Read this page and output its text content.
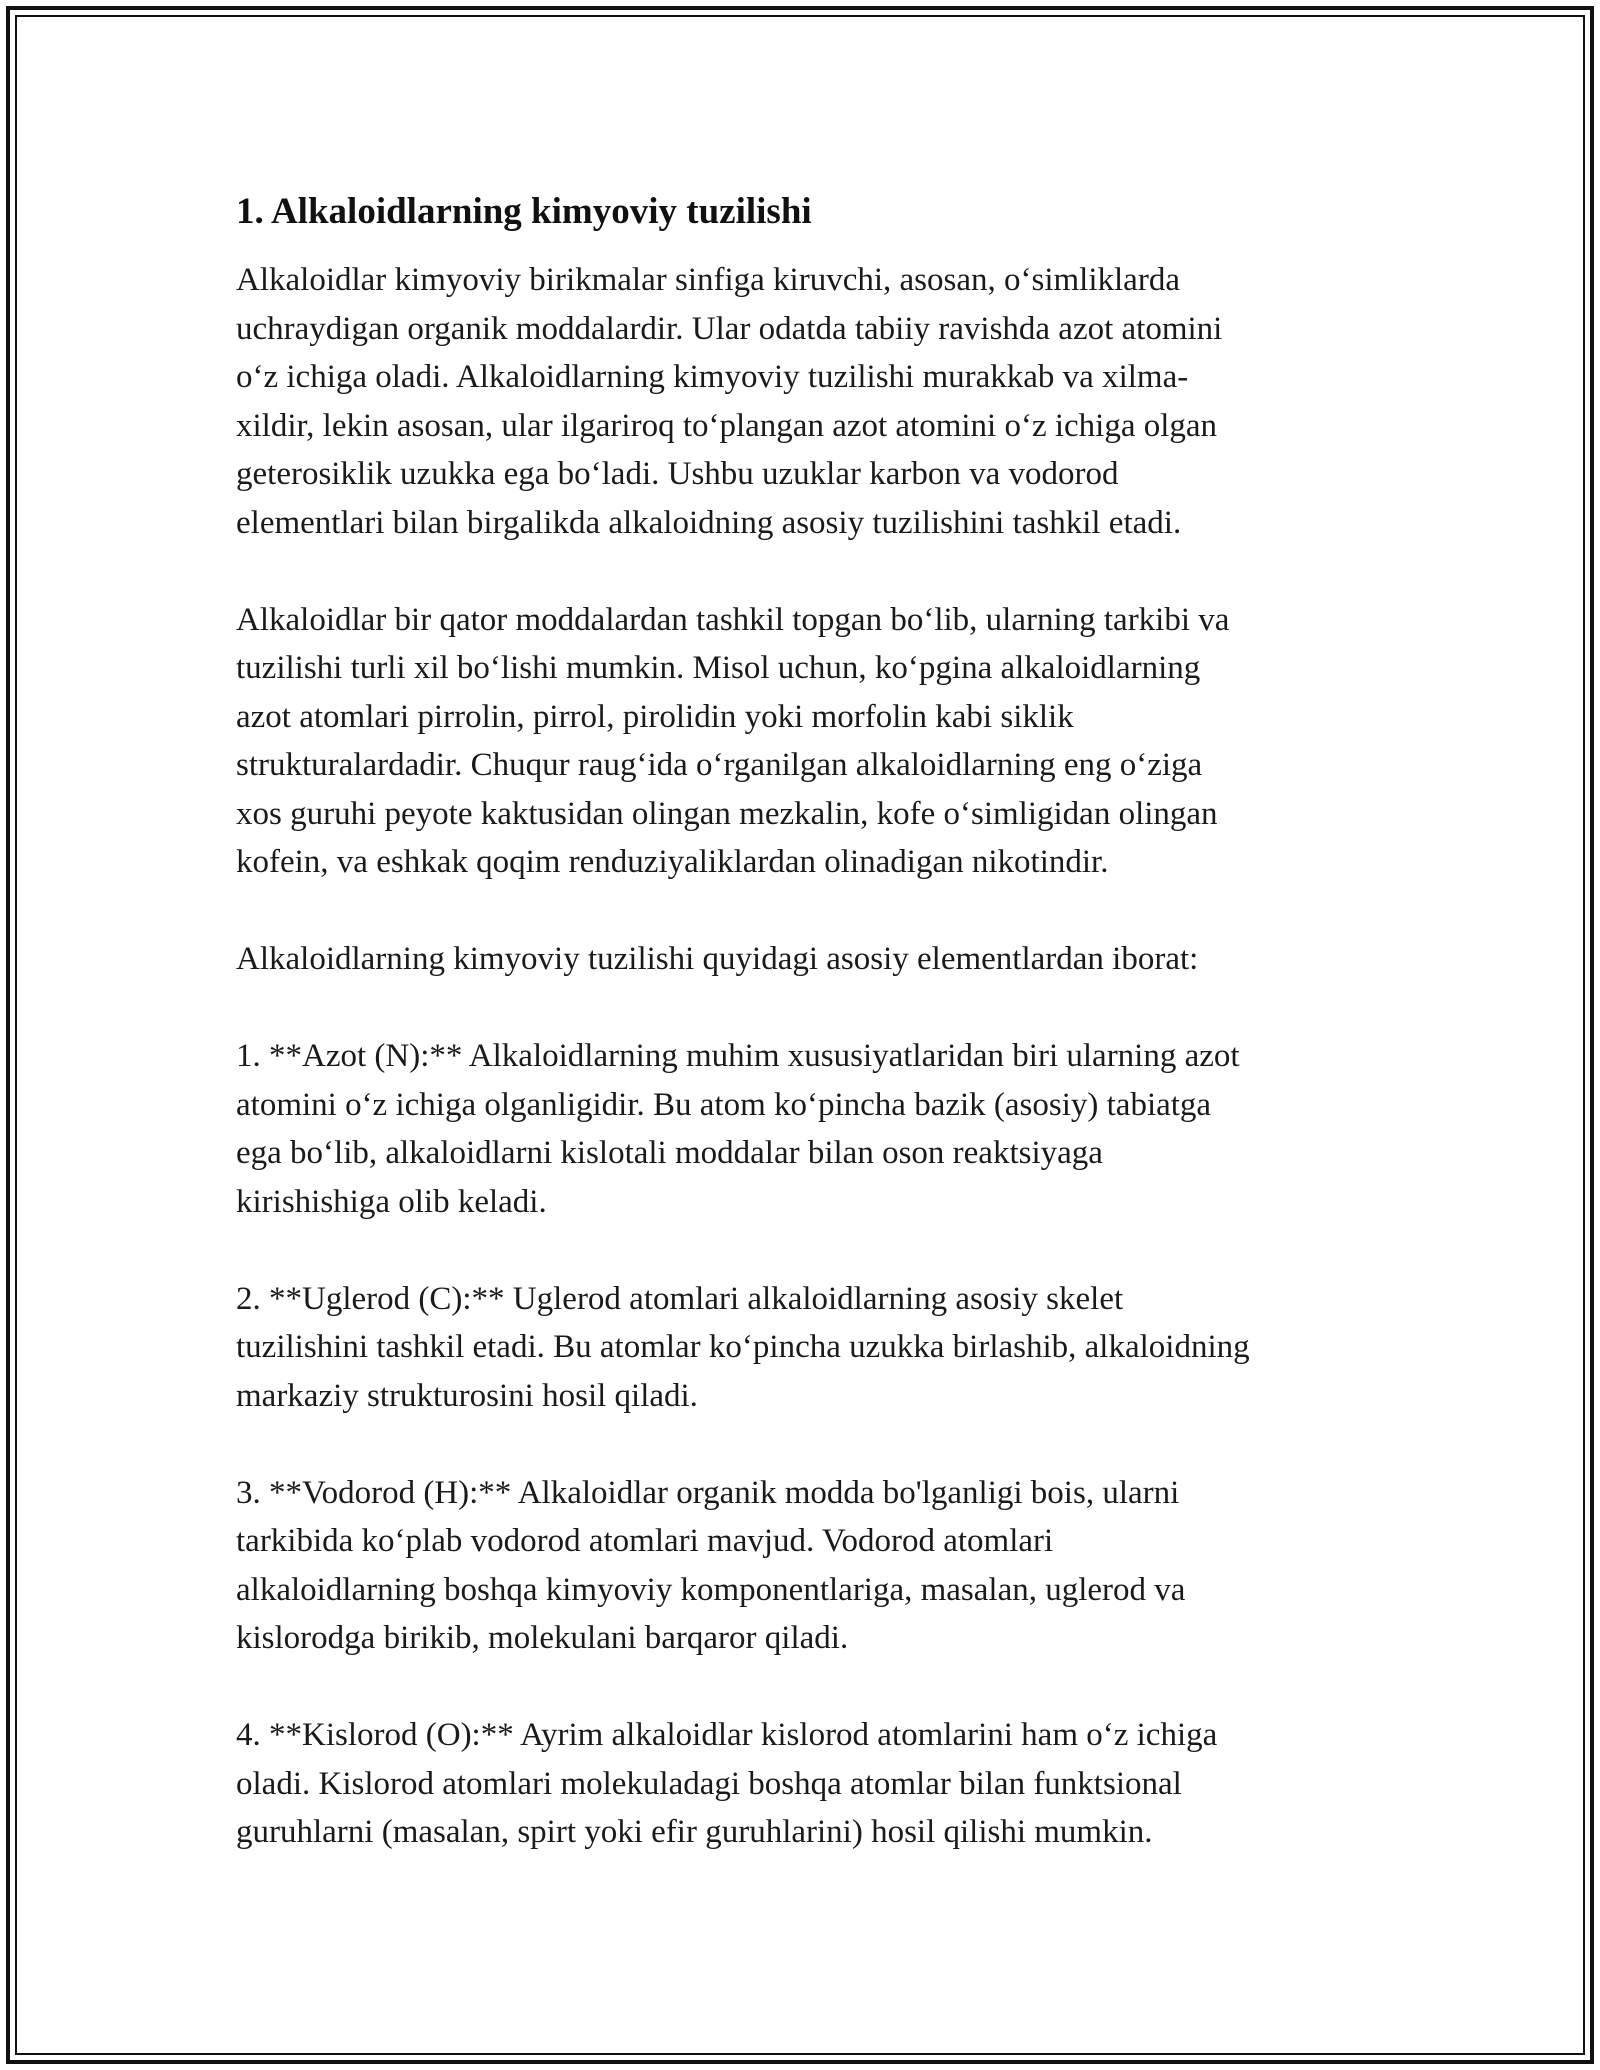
1. Alkaloidlarning kimyoviy tuzilishi
Alkaloidlar kimyoviy birikmalar sinfiga kiruvchi, asosan, o‘simliklarda
uchraydigan organik moddalardir. Ular odatda tabiiy ravishda azot atomini
o‘z ichiga oladi. Alkaloidlarning kimyoviy tuzilishi murakkab va xilma-
xildir, lekin asosan, ular ilgariroq to‘plangan azot atomini o‘z ichiga olgan
geterosiklik uzukka ega bo‘ladi. Ushbu uzuklar karbon va vodorod
elementlari bilan birgalikda alkaloidning asosiy tuzilishini tashkil etadi.
Alkaloidlar bir qator moddalardan tashkil topgan bo‘lib, ularning tarkibi va
tuzilishi turli xil bo‘lishi mumkin. Misol uchun, ko‘pgina alkaloidlarning
azot atomlari pirrolin, pirrol, pirolidin yoki morfolin kabi siklik
strukturalardadir. Chuqur raug‘ida o‘rganilgan alkaloidlarning eng o‘ziga
xos guruhi peyote kaktusidan olingan mezkalin, kofe o‘simligidan olingan
kofein, va eshkak qoqim renduziyaliklardan olinadigan nikotindir.
Alkaloidlarning kimyoviy tuzilishi quyidagi asosiy elementlardan iborat:
1. **Azot (N):** Alkaloidlarning muhim xususiyatlaridan biri ularning azot
atomini o‘z ichiga olganligidir. Bu atom ko‘pincha bazik (asosiy) tabiatga
ega bo‘lib, alkaloidlarni kislotali moddalar bilan oson reaktsiyaga
kirishishiga olib keladi.
2. **Uglerod (C):** Uglerod atomlari alkaloidlarning asosiy skelet
tuzilishini tashkil etadi. Bu atomlar ko‘pincha uzukka birlashib, alkaloidning
markaziy strukturosini hosil qiladi.
3. **Vodorod (H):** Alkaloidlar organik modda bo'lganligi bois, ularni
tarkibida ko‘plab vodorod atomlari mavjud. Vodorod atomlari
alkaloidlarning boshqa kimyoviy komponentlariga, masalan, uglerod va
kislorodga birikib, molekulani barqaror qiladi.
4. **Kislorod (O):** Ayrim alkaloidlar kislorod atomlarini ham o‘z ichiga
oladi. Kislorod atomlari molekuladagi boshqa atomlar bilan funktsional
guruhlarni (masalan, spirt yoki efir guruhlarini) hosil qilishi mumkin.
